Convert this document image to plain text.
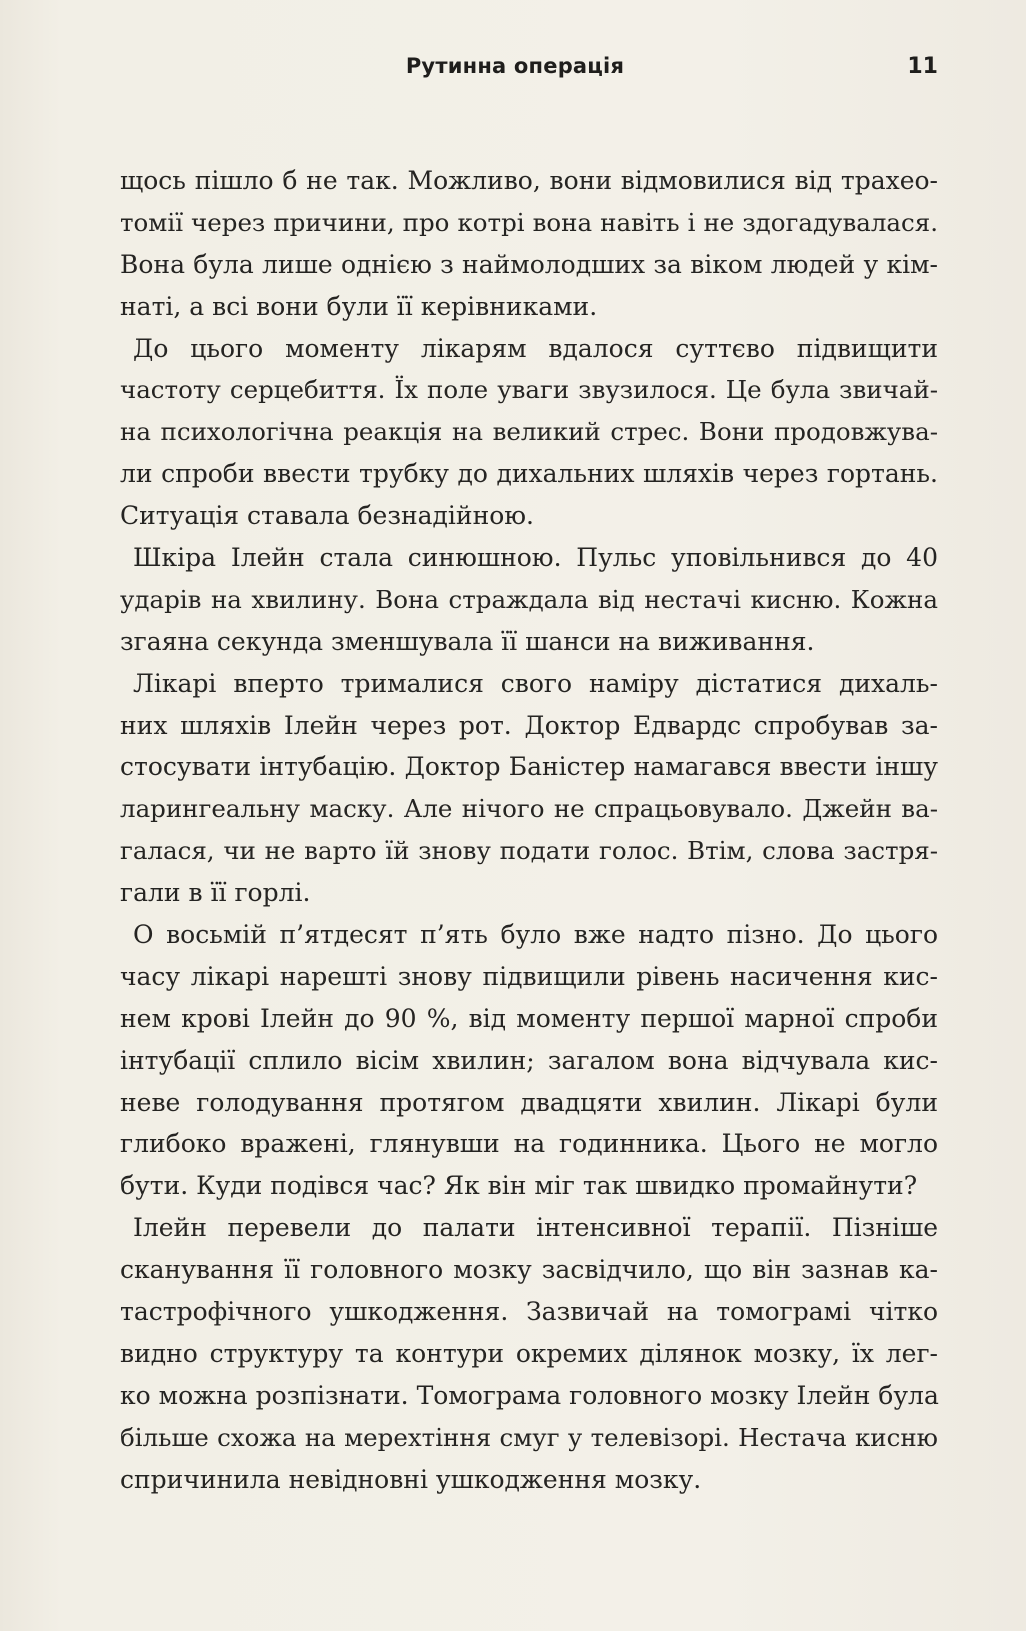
Рутинна операція	11
щось пішло б не так. Можливо, вони відмовилися від трахео-
томії через причини, про котрі вона навіть і не здогадувалася.
Вона була лише однією з наймолодших за віком людей у кім-
наті, а всі вони були її керівниками.
До цього моменту лікарям вдалося суттєво підвищити
частоту серцебиття. Їх поле уваги звузилося. Це була звичай-
на психологічна реакція на великий стрес. Вони продовжува-
ли спроби ввести трубку до дихальних шляхів через гортань.
Ситуація ставала безнадійною.
Шкіра Ілейн стала синюшною. Пульс уповільнився до 40
ударів на хвилину. Вона страждала від нестачі кисню. Кожна
згаяна секунда зменшувала її шанси на виживання.
Лікарі вперто трималися свого наміру дістатися дихаль-
них шляхів Ілейн через рот. Доктор Едвардс спробував за-
стосувати інтубацію. Доктор Баністер намагався ввести іншу
ларингеальну маску. Але нічого не спрацьовувало. Джейн ва-
галася, чи не варто їй знову подати голос. Втім, слова застря-
гали в її горлі.
О восьмій п’ятдесят п’ять було вже надто пізно. До цього
часу лікарі нарешті знову підвищили рівень насичення кис-
нем крові Ілейн до 90 %, від моменту першої марної спроби
інтубації сплило вісім хвилин; загалом вона відчувала кис-
неве голодування протягом двадцяти хвилин. Лікарі були
глибоко вражені, глянувши на годинника. Цього не могло
бути. Куди подівся час? Як він міг так швидко промайнути?
Ілейн перевели до палати інтенсивної терапії. Пізніше
сканування її головного мозку засвідчило, що він зазнав ка-
тастрофічного ушкодження. Зазвичай на томограмі чітко
видно структуру та контури окремих ділянок мозку, їх лег-
ко можна розпізнати. Томограма головного мозку Ілейн була
більше схожа на мерехтіння смуг у телевізорі. Нестача кисню
спричинила невідновні ушкодження мозку.
